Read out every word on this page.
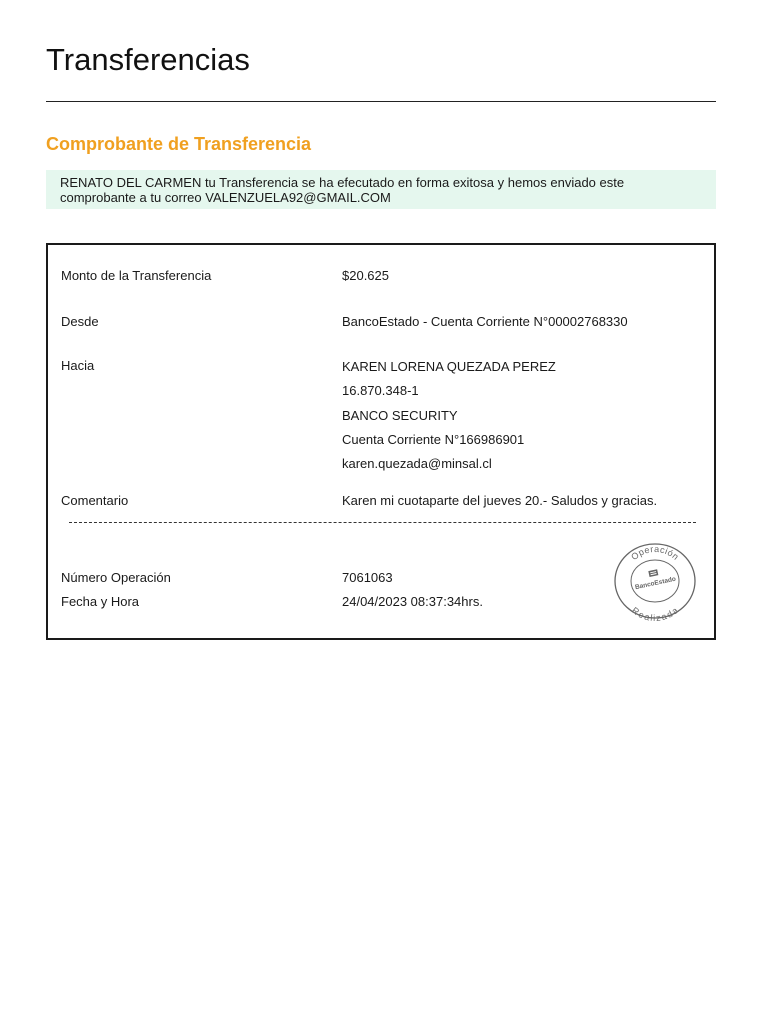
Transferencias
Comprobante de Transferencia
RENATO DEL CARMEN tu Transferencia se ha efecutado en forma exitosa y hemos enviado este
comprobante a tu correo VALENZUELA92@GMAIL.COM
Monto de la Transferencia	$20.625
Desde	BancoEstado - Cuenta Corriente N°00002768330
Hacia	KAREN LORENA QUEZADA PEREZ
16.870.348-1
BANCO SECURITY
Cuenta Corriente N°166986901
karen.quezada@minsal.cl
Comentario	Karen mi cuotaparte del jueves 20.- Saludos y gracias.
Número Operación	7061063
Fecha y Hora	24/04/2023 08:37:34hrs.
Operación
Realizada
BancoEstado
